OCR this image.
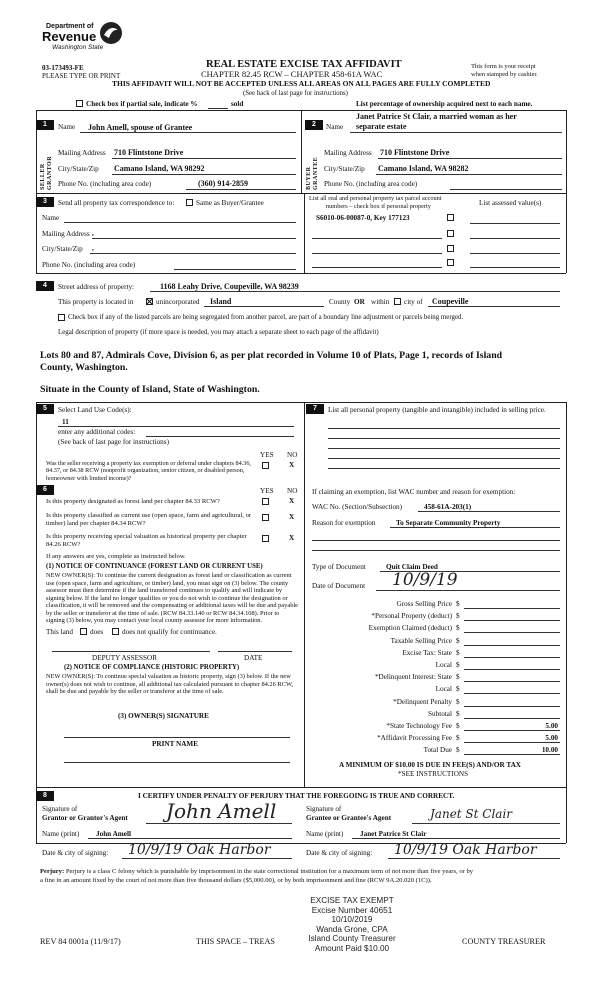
Department of
Revenue
Washington State
03-173493-FE
PLEASE TYPE OR PRINT
REAL ESTATE EXCISE TAX AFFIDAVIT
CHAPTER 82.45 RCW – CHAPTER 458-61A WAC
This form is your receipt
when stamped by cashier.
THIS AFFIDAVIT WILL NOT BE ACCEPTED UNLESS ALL AREAS ON ALL PAGES ARE FULLY COMPLETED
(See back of last page for instructions)
Check box if partial sale, indicate %	sold	List percentage of ownership acquired next to each name.
1	Name John Amell, spouse of Grantee
SELLER GRANTOR
Mailing Address 710 Flintstone Drive
City/State/Zip Camano Island, WA 98292
Phone No. (including area code)	(360) 914-2859
Janet Patrice St Clair, a married woman as her
2	Name separate estate
BUYER GRANTEE
Mailing Address 710 Flintstone Drive
City/State/Zip Camano Island, WA 98282
Phone No. (including area code)
3	Send all property tax correspondence to:	Same as Buyer/Grantee
Name
Mailing Address ,
City/State/Zip ,
Phone No. (including area code)
List all real and personal property tax parcel account
numbers – check box if personal property	List assessed value(s)
S6010-06-00087-0, Key 177123
4	Street address of property:	1168 Leahy Drive, Coupeville, WA 98239
This property is located in	unincorporated Island	County OR within city of Coupeville
Check box if any of the listed parcels are being segregated from another parcel, are part of a boundary line adjustment or parcels being merged.
Legal description of property (if more space is needed, you may attach a separate sheet to each page of the affidavit)
Lots 80 and 87, Admirals Cove, Division 6, as per plat recorded in Volume 10 of Plats, Page 1, records of Island
County, Washington.
Situate in the County of Island, State of Washington.
5	Select Land Use Code(s):
11
enter any additional codes:
(See back of last page for instructions)
YES NO
Was the seller receiving a property tax exemption or deferral under chapters 84.36, 84.37, or 84.38 RCW (nonprofit organization, senior citizen, or disabled person, homeowner with limited income)?
X
6	YES NO
Is this property designated as forest land per chapter 84.33 RCW?	X
Is this property classified as current use (open space, farm and agricultural, or timber) land per chapter 84.34 RCW?
X
Is this property receiving special valuation as historical property per chapter 84.26 RCW?
X
If any answers are yes, complete as instructed below.
(1) NOTICE OF CONTINUANCE (FOREST LAND OR CURRENT USE)
NEW OWNER(S): To continue the current designation as forest land or classification as current use (open space, farm and agriculture, or timber) land, you must sign on (3) below. The county assessor must then determine if the land transferred continues to qualify and will indicate by signing below. If the land no longer qualifies or you do not wish to continue the designation or classification, it will be removed and the compensating or additional taxes will be due and payable by the seller or transferor at the time of sale. (RCW 84.33.140 or RCW 84.34.108). Prior to signing (3) below, you may contact your local county assessor for more information.
This land does	does not qualify for continuance.
DEPUTY ASSESSOR	DATE
(2) NOTICE OF COMPLIANCE (HISTORIC PROPERTY)
NEW OWNER(S): To continue special valuation as historic property, sign (3) below. If the new owner(s) does not wish to continue, all additional tax calculated pursuant to chapter 84.26 RCW, shall be due and payable by the seller or transferor at the time of sale.
(3) OWNER(S) SIGNATURE
PRINT NAME
7	List all personal property (tangible and intangible) included in selling price.
If claiming an exemption, list WAC number and reason for exemption:
WAC No. (Section/Subsection)	458-61A-203(1)
Reason for exemption	To Separate Community Property
Type of Document	Quit Claim Deed
Date of Document 10/9/19
Gross Selling Price $
*Personal Property (deduct) $
Exemption Claimed (deduct) $
Taxable Selling Price $
Excise Tax: State $
Local $
*Delinquent Interest: State $
Local $
*Delinquent Penalty $
Subtotal $
*State Technology Fee $	5.00
*Affidavit Processing Fee $	5.00
Total Due $	10.00
A MINIMUM OF $10.00 IS DUE IN FEE(S) AND/OR TAX
*SEE INSTRUCTIONS
8	I CERTIFY UNDER PENALTY OF PERJURY THAT THE FOREGOING IS TRUE AND CORRECT.
Signature of
Grantor or Grantor's Agent John Amell	Signature of
Grantee or Grantee's Agent	Janet St Clair
Name (print) John Amell	Name (print) Janet Patrice St Clair
Date & city of signing: 10/9/19 Oak Harbor	Date & city of signing: 10/9/19 Oak Harbor
Perjury: Perjury is a class C felony which is punishable by imprisonment in the state correctional institution for a maximum term of not more than five years, or by
a fine in an amount fixed by the court of not more than five thousand dollars ($5,000.00), or by both imprisonment and fine (RCW 9A.20.020 (1C)).
EXCISE TAX EXEMPT
Excise Number 40651
10/10/2019
Wanda Grone, CPA
Island County Treasurer
Amount Paid $10.00
REV 84 0001a (11/9/17)	THIS SPACE – TREAS	COUNTY TREASURER
